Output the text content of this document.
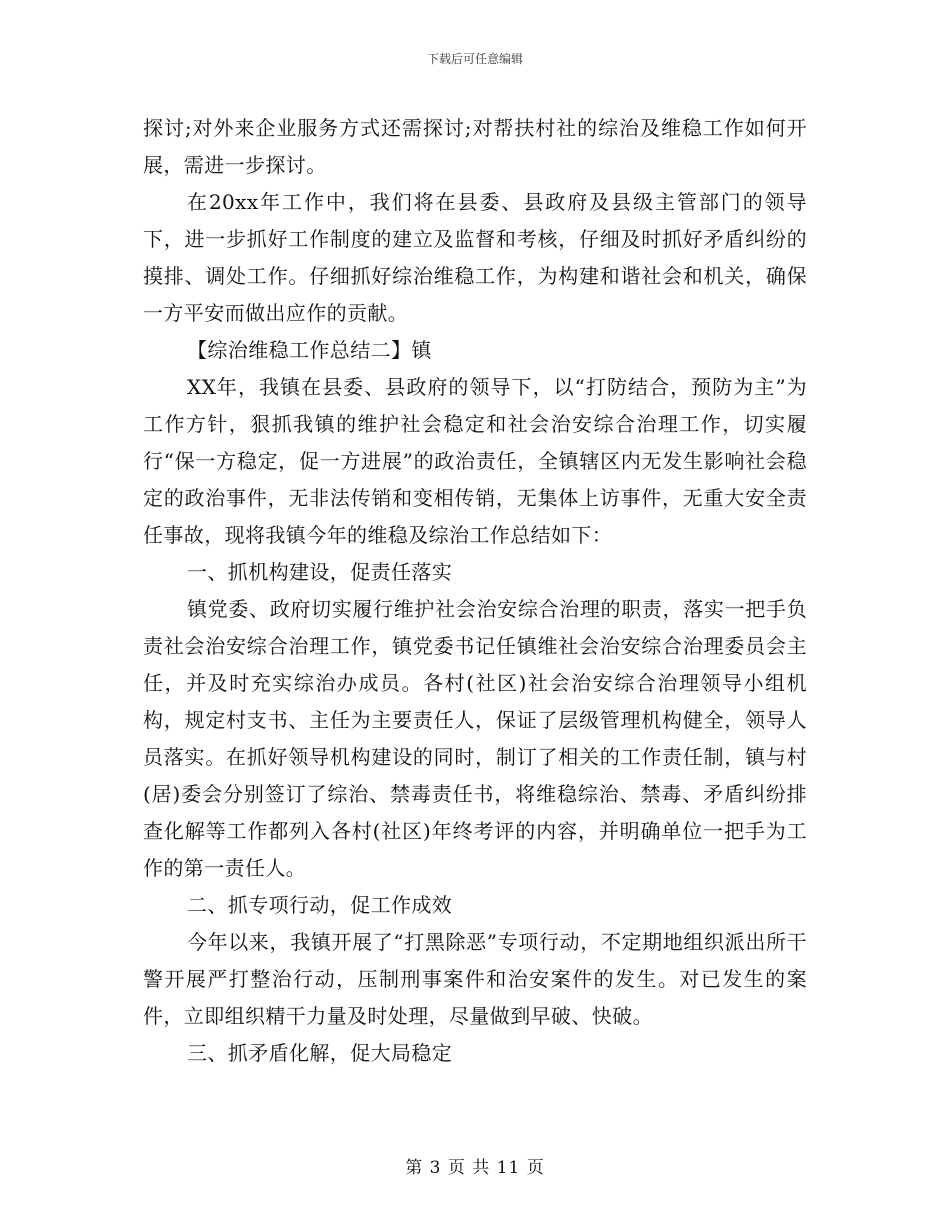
下载后可任意编辑

探讨;对外来企业服务方式还需探讨;对帮扶村社的综治及维稳工作如何开展，需进一步探讨。

在20xx年工作中，我们将在县委、县政府及县级主管部门的领导下，进一步抓好工作制度的建立及监督和考核，仔细及时抓好矛盾纠纷的摸排、调处工作。仔细抓好综治维稳工作，为构建和谐社会和机关，确保一方平安而做出应作的贡献。

【综治维稳工作总结二】镇

XX年，我镇在县委、县政府的领导下，以“打防结合，预防为主”为工作方针，狠抓我镇的维护社会稳定和社会治安综合治理工作，切实履行“保一方稳定，促一方进展”的政治责任，全镇辖区内无发生影响社会稳定的政治事件，无非法传销和变相传销，无集体上访事件，无重大安全责任事故，现将我镇今年的维稳及综治工作总结如下：

一、抓机构建设，促责任落实

镇党委、政府切实履行维护社会治安综合治理的职责，落实一把手负责社会治安综合治理工作，镇党委书记任镇维社会治安综合治理委员会主任，并及时充实综治办成员。各村(社区)社会治安综合治理领导小组机构，规定村支书、主任为主要责任人，保证了层级管理机构健全，领导人员落实。在抓好领导机构建设的同时，制订了相关的工作责任制，镇与村(居)委会分别签订了综治、禁毒责任书，将维稳综治、禁毒、矛盾纠纷排查化解等工作都列入各村(社区)年终考评的内容，并明确单位一把手为工作的第一责任人。

二、抓专项行动，促工作成效

今年以来，我镇开展了“打黑除恶”专项行动，不定期地组织派出所干警开展严打整治行动，压制刑事案件和治安案件的发生。对已发生的案件，立即组织精干力量及时处理，尽量做到早破、快破。

三、抓矛盾化解，促大局稳定

第 3 页 共 11 页
